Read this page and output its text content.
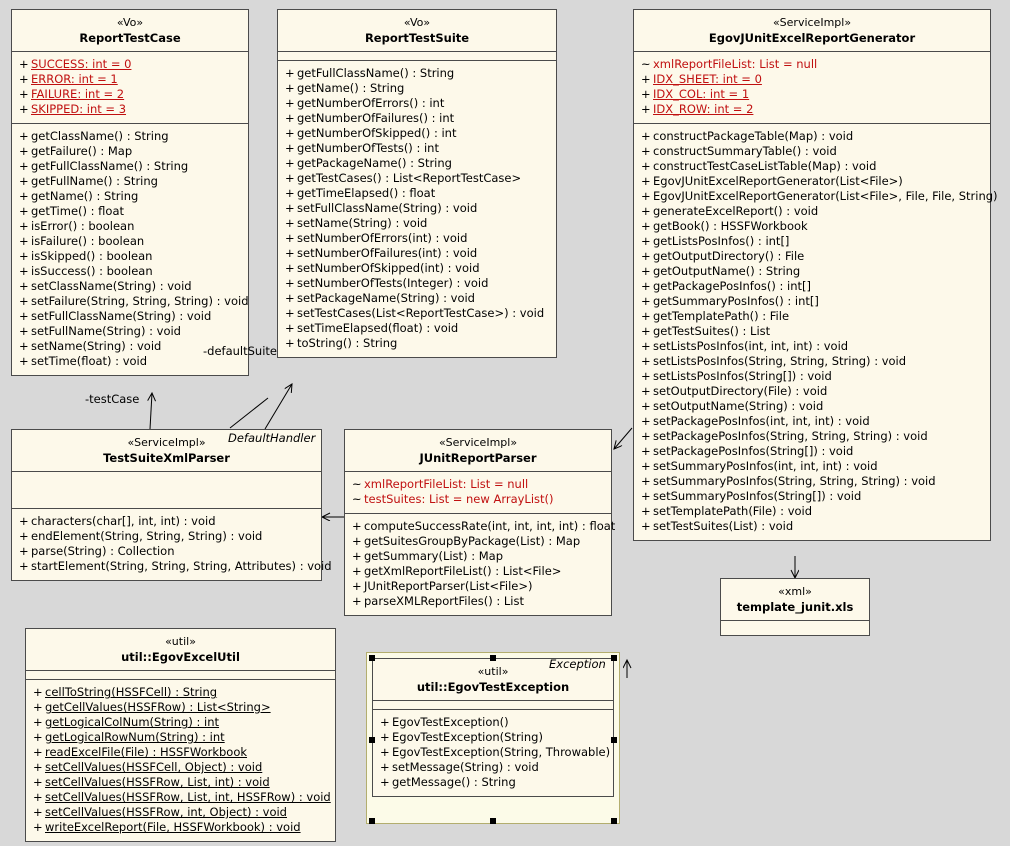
«Vo»
ReportTestCase
+ SUCCESS: int = 0
+ ERROR: int = 1
+ FAILURE: int = 2
+ SKIPPED: int = 3
+ getClassName() : String
+ getFailure() : Map
+ getFullClassName() : String
+ getFullName() : String
+ getName() : String
+ getTime() : float
+ isError() : boolean
+ isFailure() : boolean
+ isSkipped() : boolean
+ isSuccess() : boolean
+ setClassName(String) : void
+ setFailure(String, String, String) : void
+ setFullClassName(String) : void
+ setFullName(String) : void
+ setName(String) : void
+ setTime(float) : void
«Vo»
ReportTestSuite
+ getFullClassName() : String
+ getName() : String
+ getNumberOfErrors() : int
+ getNumberOfFailures() : int
+ getNumberOfSkipped() : int
+ getNumberOfTests() : int
+ getPackageName() : String
+ getTestCases() : List<ReportTestCase>
+ getTimeElapsed() : float
+ setFullClassName(String) : void
+ setName(String) : void
+ setNumberOfErrors(int) : void
+ setNumberOfFailures(int) : void
+ setNumberOfSkipped(int) : void
+ setNumberOfTests(Integer) : void
+ setPackageName(String) : void
+ setTestCases(List<ReportTestCase>) : void
+ setTimeElapsed(float) : void
+ toString() : String
«ServiceImpl»
EgovJUnitExcelReportGenerator
~ xmlReportFileList: List = null
+ IDX_SHEET: int = 0
+ IDX_COL: int = 1
+ IDX_ROW: int = 2
+ constructPackageTable(Map) : void
+ constructSummaryTable() : void
+ constructTestCaseListTable(Map) : void
+ EgovJUnitExcelReportGenerator(List<File>)
+ EgovJUnitExcelReportGenerator(List<File>, File, File, String)
+ generateExcelReport() : void
+ getBook() : HSSFWorkbook
+ getListsPosInfos() : int[]
+ getOutputDirectory() : File
+ getOutputName() : String
+ getPackagePosInfos() : int[]
+ getSummaryPosInfos() : int[]
+ getTemplatePath() : File
+ getTestSuites() : List
+ setListsPosInfos(int, int, int) : void
+ setListsPosInfos(String, String, String) : void
+ setListsPosInfos(String[]) : void
+ setOutputDirectory(File) : void
+ setOutputName(String) : void
+ setPackagePosInfos(int, int, int) : void
+ setPackagePosInfos(String, String, String) : void
+ setPackagePosInfos(String[]) : void
+ setSummaryPosInfos(int, int, int) : void
+ setSummaryPosInfos(String, String, String) : void
+ setSummaryPosInfos(String[]) : void
+ setTemplatePath(File) : void
+ setTestSuites(List) : void
«ServiceImpl»
TestSuiteXmlParser
+ characters(char[], int, int) : void
+ endElement(String, String, String) : void
+ parse(String) : Collection
+ startElement(String, String, String, Attributes) : void
«ServiceImpl»
JUnitReportParser
~ xmlReportFileList: List = null
~ testSuites: List = new ArrayList()
+ computeSuccessRate(int, int, int, int) : float
+ getSuitesGroupByPackage(List) : Map
+ getSummary(List) : Map
+ getXmlReportFileList() : List<File>
+ JUnitReportParser(List<File>)
+ parseXMLReportFiles() : List
«util»
util::EgovExcelUtil
+ cellToString(HSSFCell) : String
+ getCellValues(HSSFRow) : List<String>
+ getLogicalColNum(String) : int
+ getLogicalRowNum(String) : int
+ readExcelFile(File) : HSSFWorkbook
+ setCellValues(HSSFCell, Object) : void
+ setCellValues(HSSFRow, List, int) : void
+ setCellValues(HSSFRow, List, int, HSSFRow) : void
+ setCellValues(HSSFRow, int, Object) : void
+ writeExcelReport(File, HSSFWorkbook) : void
«util»
util::EgovTestException
+ EgovTestException()
+ EgovTestException(String)
+ EgovTestException(String, Throwable)
+ setMessage(String) : void
+ getMessage() : String
«xml»
template_junit.xls
-defaultSuite
-testCase
DefaultHandler
Exception
